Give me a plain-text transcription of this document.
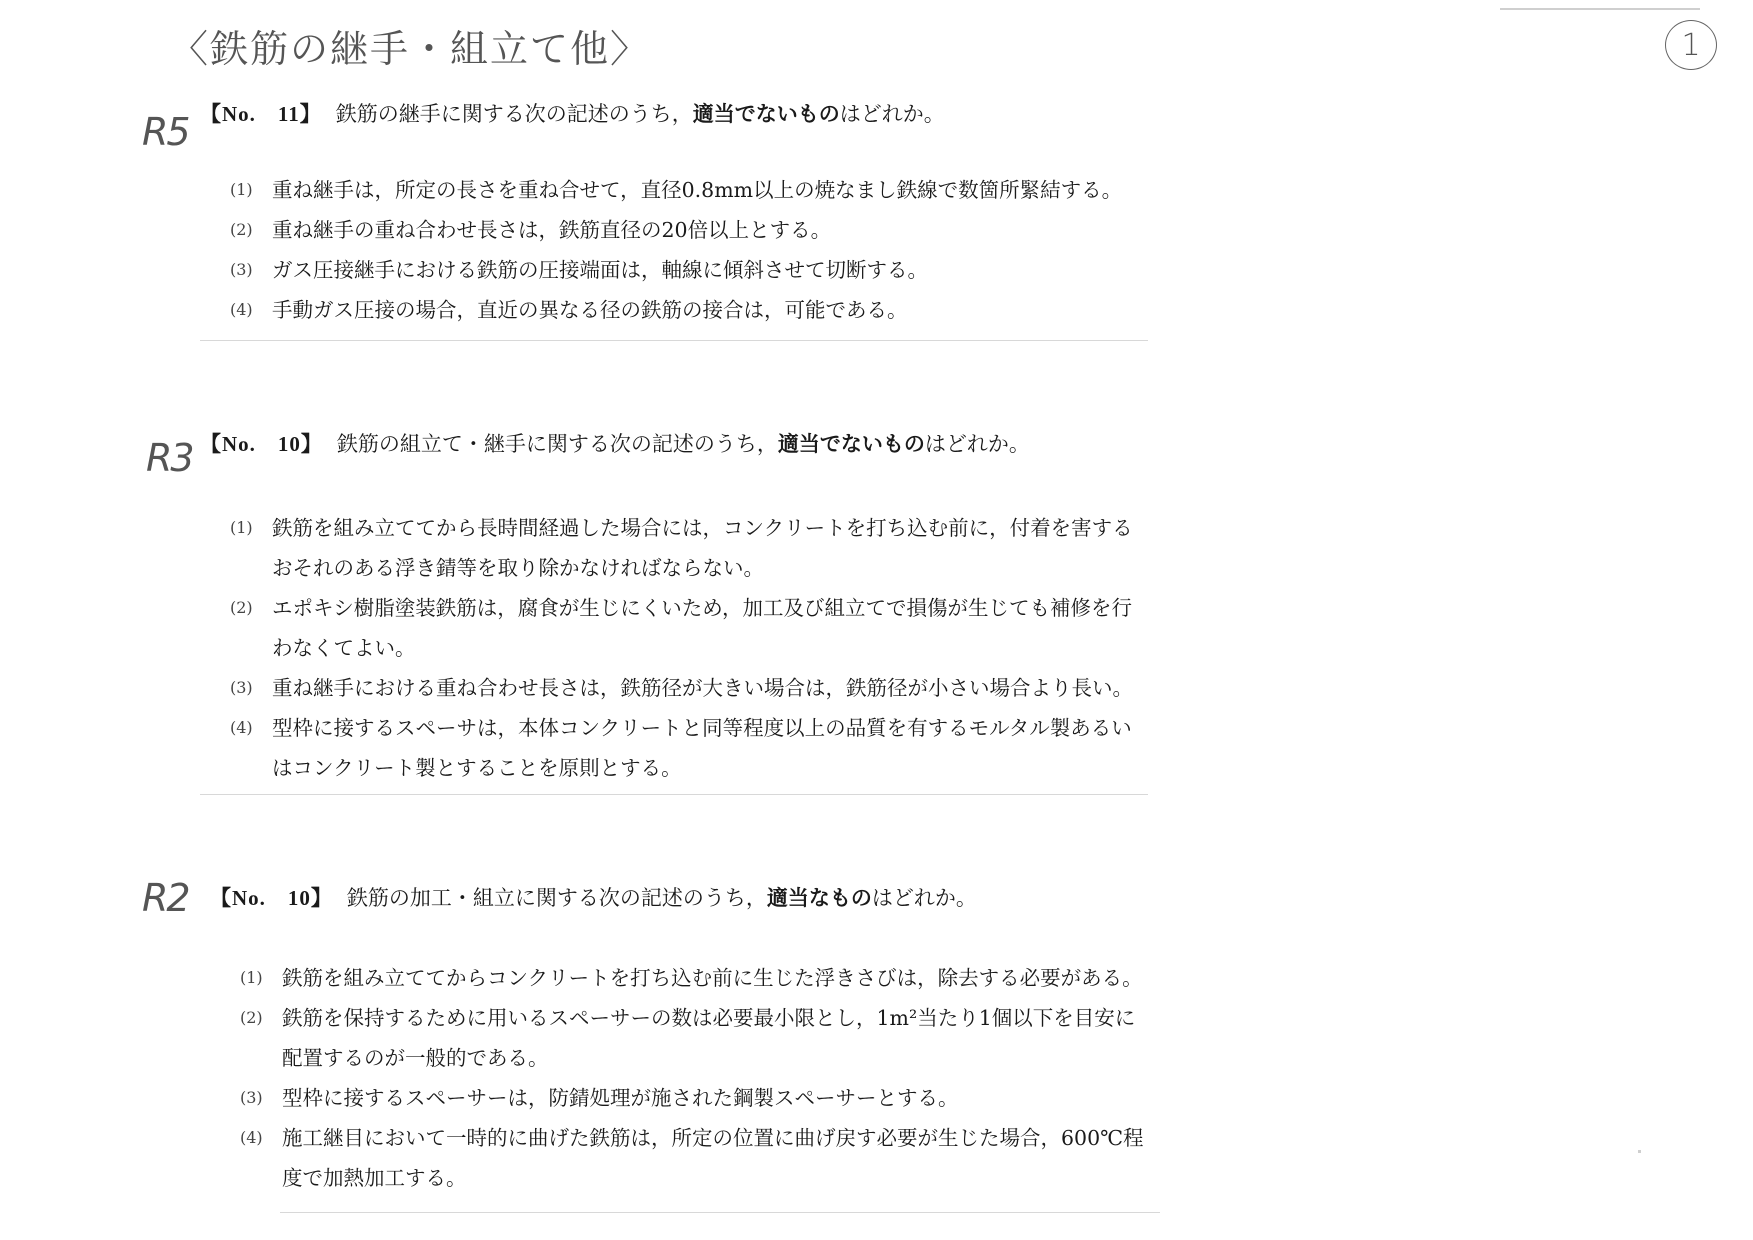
〈鉄筋の継手・組立て他〉	1
R5 【No.　11】 鉄筋の継手に関する次の記述のうち，適当でないものはどれか。
(1) 重ね継手は，所定の長さを重ね合せて，直径0.8mm以上の焼なまし鉄線で数箇所緊結する。
(2) 重ね継手の重ね合わせ長さは，鉄筋直径の20倍以上とする。
(3) ガス圧接継手における鉄筋の圧接端面は，軸線に傾斜させて切断する。
(4) 手動ガス圧接の場合，直近の異なる径の鉄筋の接合は，可能である。
R3 【No.　10】 鉄筋の組立て・継手に関する次の記述のうち，適当でないものはどれか。
(1) 鉄筋を組み立ててから長時間経過した場合には，コンクリートを打ち込む前に，付着を害するおそれのある浮き錆等を取り除かなければならない。
(2) エポキシ樹脂塗装鉄筋は，腐食が生じにくいため，加工及び組立てで損傷が生じても補修を行わなくてよい。
(3) 重ね継手における重ね合わせ長さは，鉄筋径が大きい場合は，鉄筋径が小さい場合より長い。
(4) 型枠に接するスペーサは，本体コンクリートと同等程度以上の品質を有するモルタル製あるいはコンクリート製とすることを原則とする。
R2 【No.　10】 鉄筋の加工・組立に関する次の記述のうち，適当なものはどれか。
(1) 鉄筋を組み立ててからコンクリートを打ち込む前に生じた浮きさびは，除去する必要がある。
(2) 鉄筋を保持するために用いるスペーサーの数は必要最小限とし，1m²当たり1個以下を目安に配置するのが一般的である。
(3) 型枠に接するスペーサーは，防錆処理が施された鋼製スペーサーとする。
(4) 施工継目において一時的に曲げた鉄筋は，所定の位置に曲げ戻す必要が生じた場合，600℃程度で加熱加工する。
